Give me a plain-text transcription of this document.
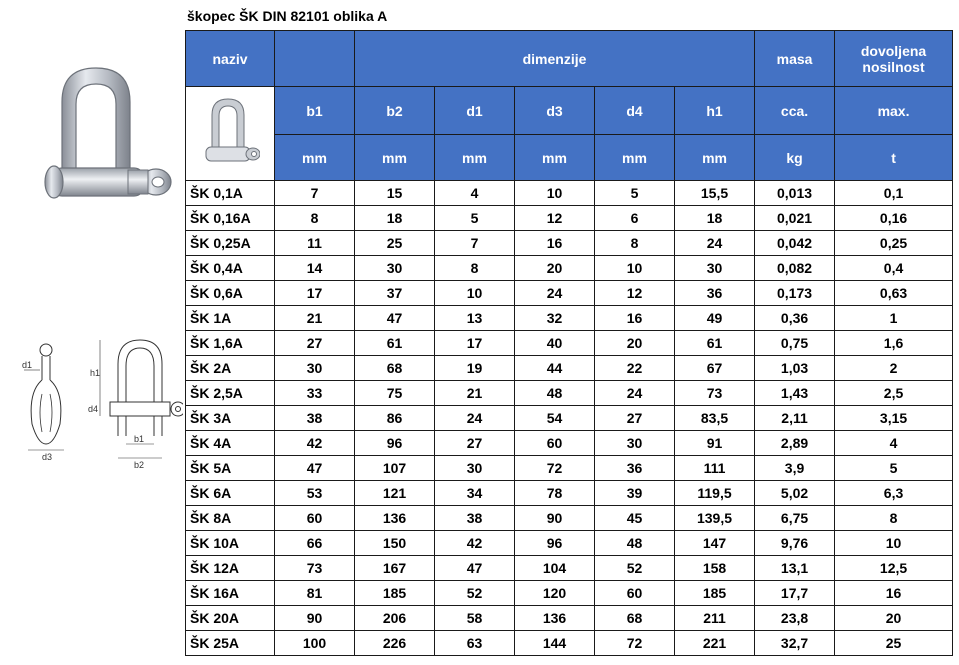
škopec ŠK DIN 82101 oblika A
d1
d3
h1
d4
b1
b2
naziv		dimenzije					masa	dovoljena nosilnost

	b1	b2	d1	d3	d4	h1	cca.	max.
	mm	mm	mm	mm	mm	mm	kg	t
ŠK 0,1A	7	15	4	10	5	15,5	0,013	0,1
ŠK 0,16A	8	18	5	12	6	18	0,021	0,16
ŠK 0,25A	11	25	7	16	8	24	0,042	0,25
ŠK 0,4A	14	30	8	20	10	30	0,082	0,4
ŠK 0,6A	17	37	10	24	12	36	0,173	0,63
ŠK 1A	21	47	13	32	16	49	0,36	1
ŠK 1,6A	27	61	17	40	20	61	0,75	1,6
ŠK 2A	30	68	19	44	22	67	1,03	2
ŠK 2,5A	33	75	21	48	24	73	1,43	2,5
ŠK 3A	38	86	24	54	27	83,5	2,11	3,15
ŠK 4A	42	96	27	60	30	91	2,89	4
ŠK 5A	47	107	30	72	36	111	3,9	5
ŠK 6A	53	121	34	78	39	119,5	5,02	6,3
ŠK 8A	60	136	38	90	45	139,5	6,75	8
ŠK 10A	66	150	42	96	48	147	9,76	10
ŠK 12A	73	167	47	104	52	158	13,1	12,5
ŠK 16A	81	185	52	120	60	185	17,7	16
ŠK 20A	90	206	58	136	68	211	23,8	20
ŠK 25A	100	226	63	144	72	221	32,7	25
